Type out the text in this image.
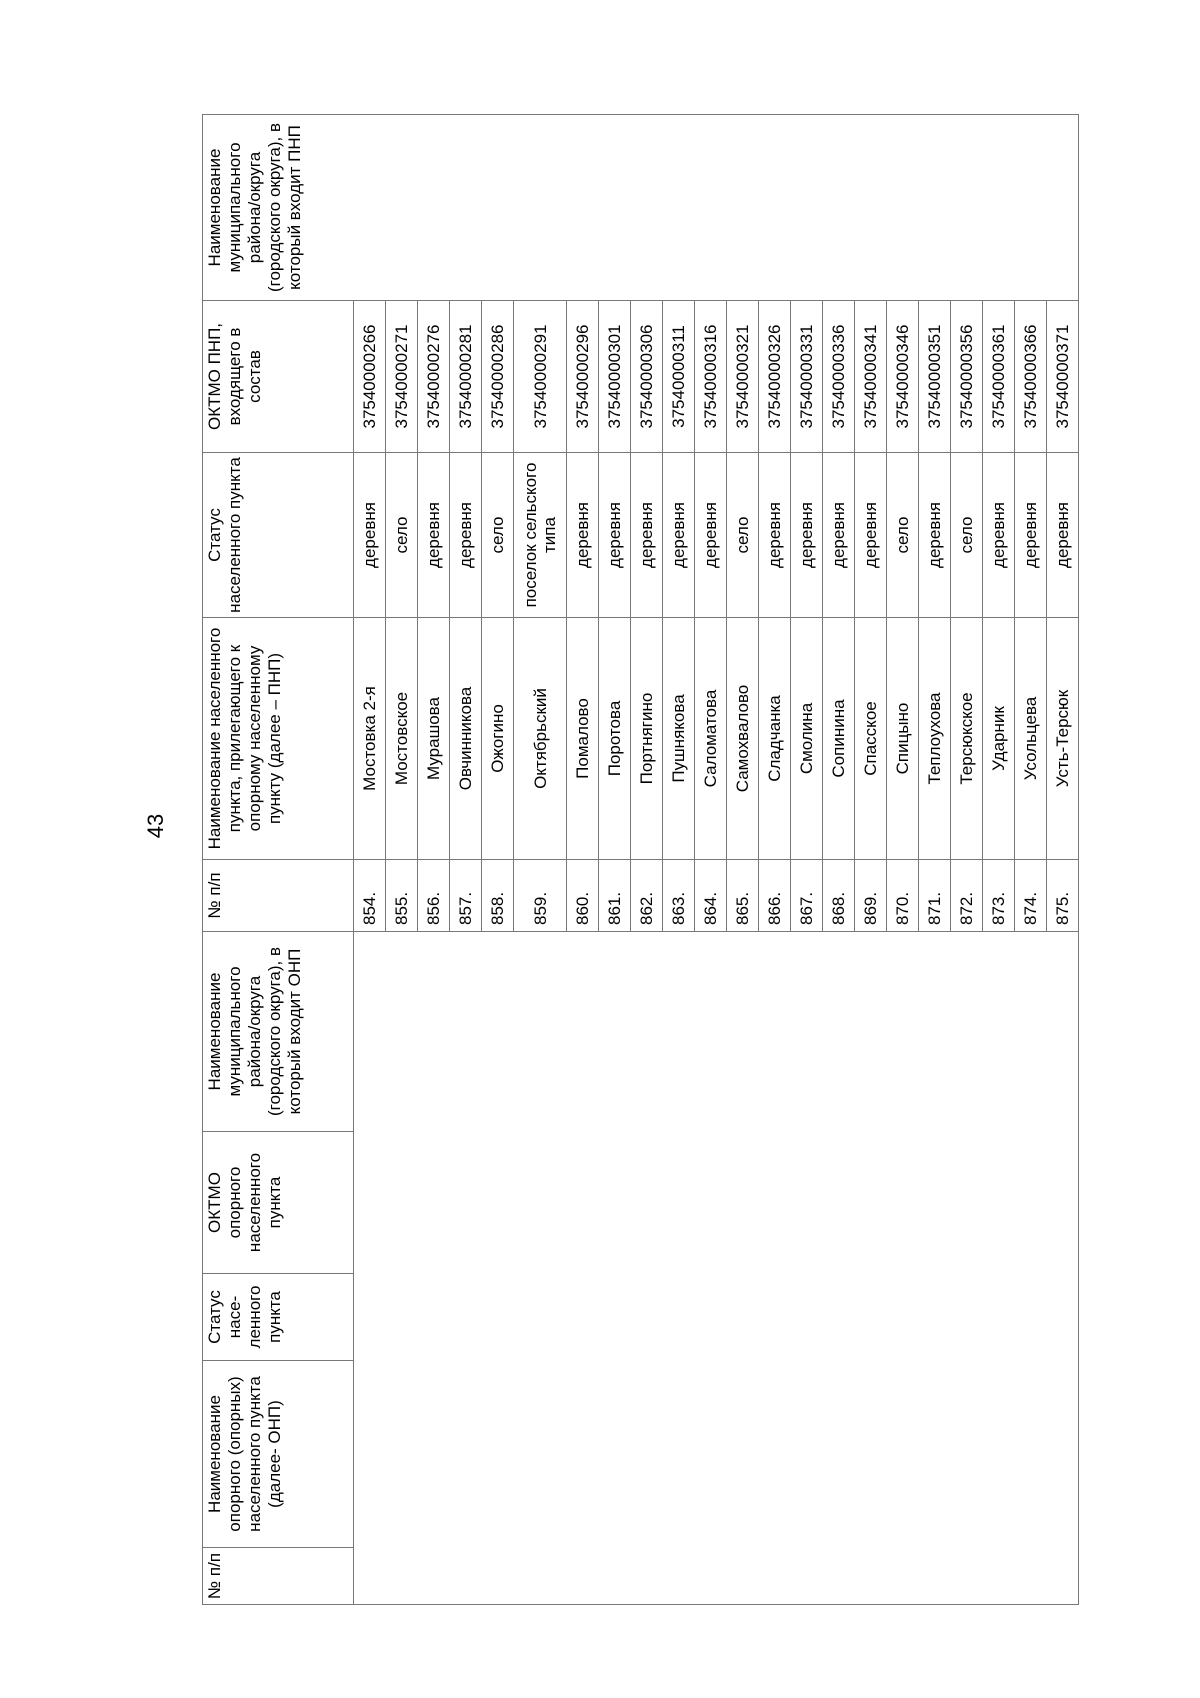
43
№ п/п	Наименование опорного (опорных) населенного пункта (далее- ОНП)	Статус насе- ленного пункта	ОКТМО опорного населенного пункта	Наименование муниципального района/округа (городского округа), в который входит ОНП	№ п/п	Наименование населенного пункта, прилегающего к опорному населенному пункту (далее – ПНП)	Статус населенного пункта	ОКТМО ПНП, входящего в состав	Наименование муниципального района/округа (городского округа), в который входит ПНП
					854.	Мостовка 2-я	деревня	37540000266	
					855.	Мостовское	село	37540000271	
					856.	Мурашова	деревня	37540000276	
					857.	Овчинникова	деревня	37540000281	
					858.	Ожогино	село	37540000286	
					859.	Октябрьский	поселок сельского типа	37540000291	
					860.	Помалово	деревня	37540000296	
					861.	Поротова	деревня	37540000301	
					862.	Портнягино	деревня	37540000306	
					863.	Пушнякова	деревня	37540000311	
					864.	Саломатова	деревня	37540000316	
					865.	Самохвалово	село	37540000321	
					866.	Сладчанка	деревня	37540000326	
					867.	Смолина	деревня	37540000331	
					868.	Сопинина	деревня	37540000336	
					869.	Спасское	деревня	37540000341	
					870.	Спицыно	село	37540000346	
					871.	Теплоухова	деревня	37540000351	
					872.	Терсюкское	село	37540000356	
					873.	Ударник	деревня	37540000361	
					874.	Усольцева	деревня	37540000366	
					875.	Усть-Терсюк	деревня	37540000371	
